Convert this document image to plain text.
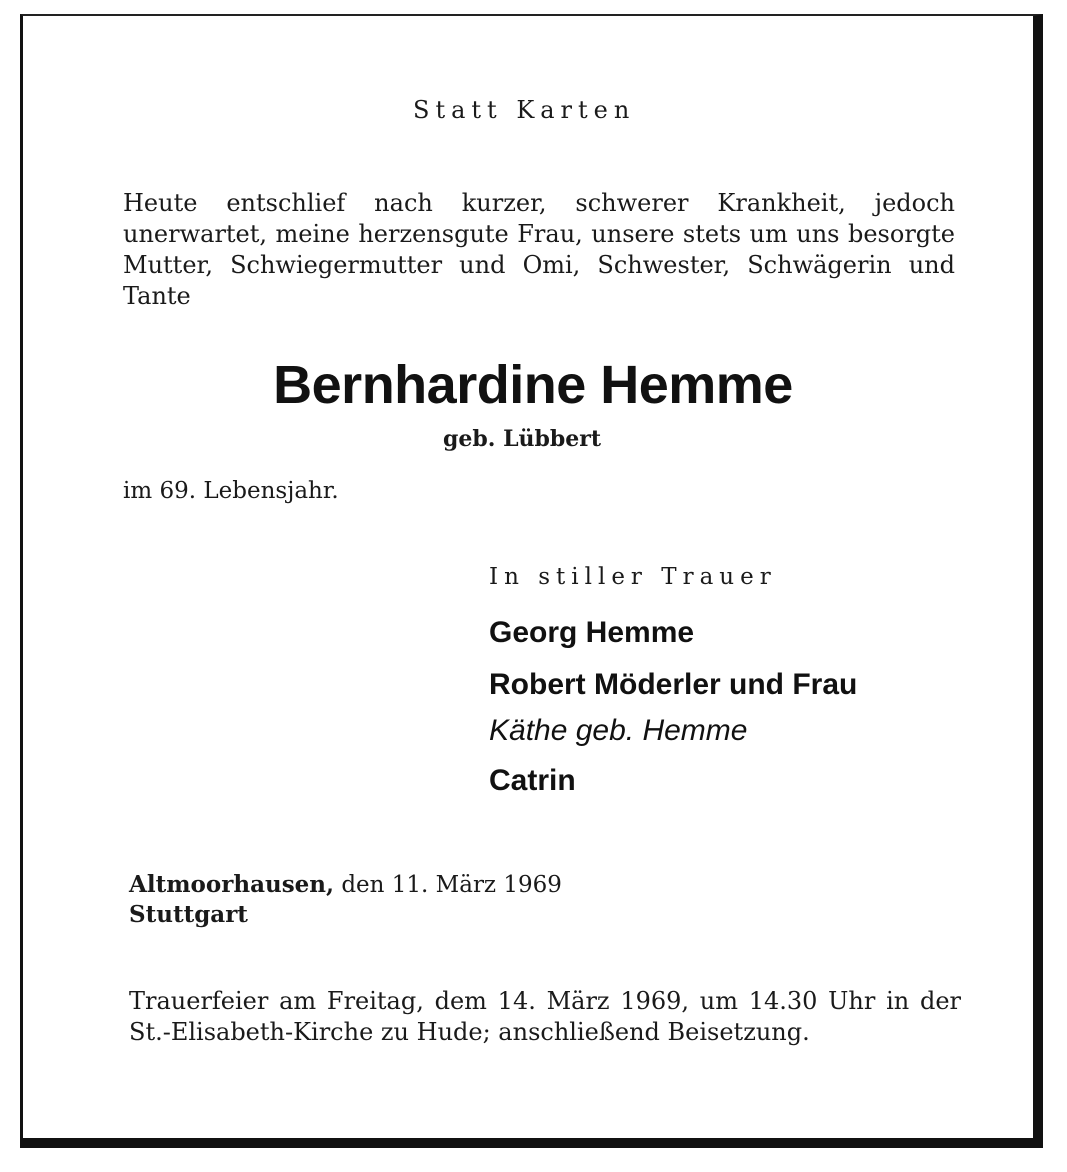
Statt Karten

Heute entschlief nach kurzer, schwerer Krankheit, jedoch unerwartet, meine herzensgute Frau, unsere stets um uns besorgte Mutter, Schwiegermutter und Omi, Schwester, Schwägerin und Tante

Bernhardine Hemme

geb. Lübbert

im 69. Lebensjahr.

In stiller Trauer

Georg Hemme

Robert Möderler und Frau

Käthe geb. Hemme

Catrin

Altmoorhausen, den 11. März 1969
Stuttgart

Trauerfeier am Freitag, dem 14. März 1969, um 14.30 Uhr in der St.-Elisabeth-Kirche zu Hude; anschließend Beisetzung.
